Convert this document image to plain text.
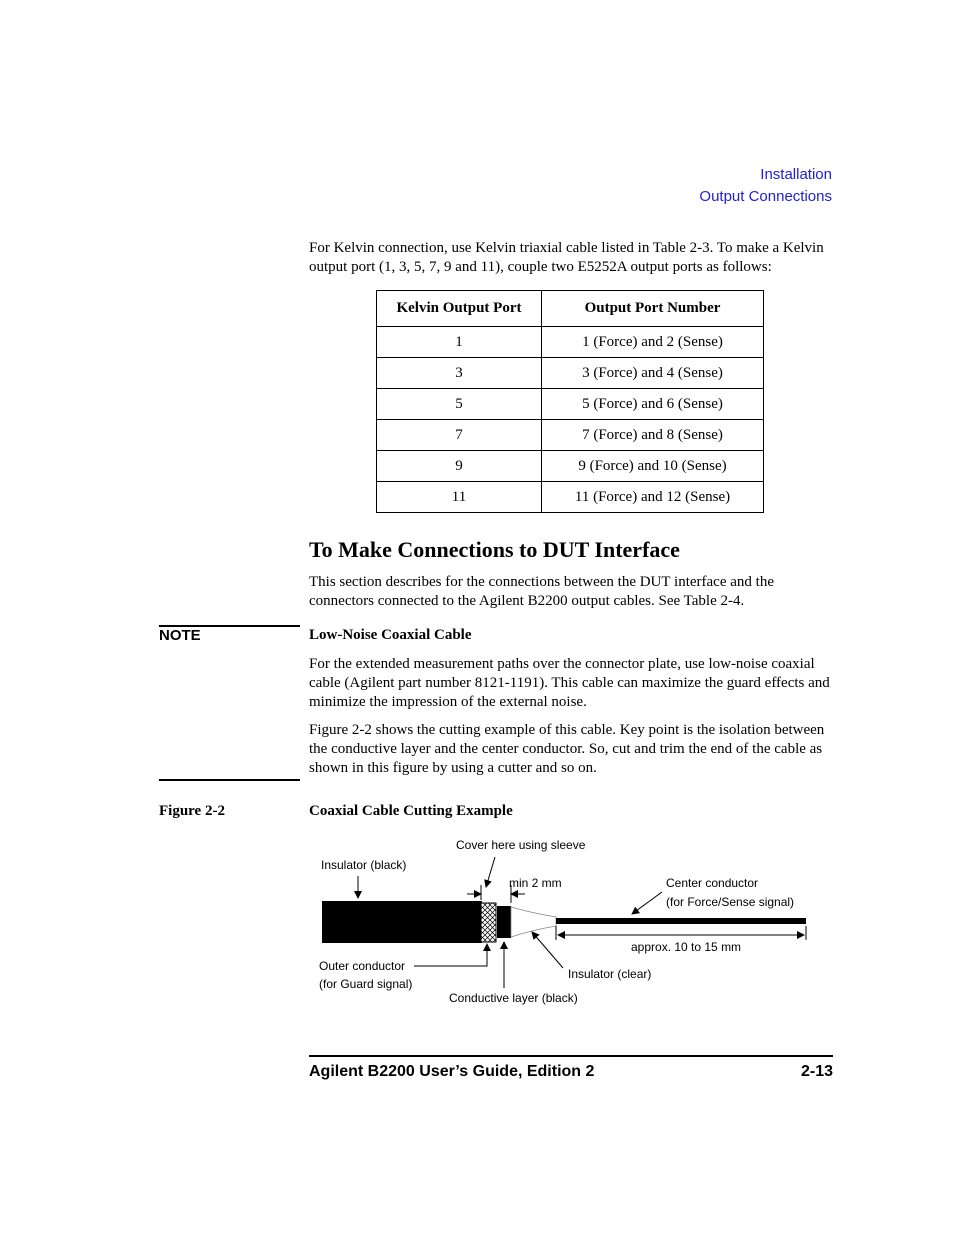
Installation
Output Connections

For Kelvin connection, use Kelvin triaxial cable listed in Table 2-3. To make a Kelvin output port (1, 3, 5, 7, 9 and 11), couple two E5252A output ports as follows:

Kelvin Output Port	Output Port Number
1	1 (Force) and 2 (Sense)
3	3 (Force) and 4 (Sense)
5	5 (Force) and 6 (Sense)
7	7 (Force) and 8 (Sense)
9	9 (Force) and 10 (Sense)
11	11 (Force) and 12 (Sense)
To Make Connections to DUT Interface

This section describes for the connections between the DUT interface and the connectors connected to the Agilent B2200 output cables. See Table 2-4.

NOTE	Low-Noise Coaxial Cable

For the extended measurement paths over the connector plate, use low-noise coaxial cable (Agilent part number 8121-1191). This cable can maximize the guard effects and minimize the impression of the external noise.

Figure 2-2 shows the cutting example of this cable. Key point is the isolation between the conductive layer and the center conductor. So, cut and trim the end of the cable as shown in this figure by using a cutter and so on.

Figure 2-2	Coaxial Cable Cutting Example
Insulator (black)
Cover here using sleeve
min 2 mm	Center conductor
(for Force/Sense signal)
approx. 10 to 15 mm
Outer conductor
(for Guard signal)
Conductive layer (black)
Insulator (clear)
Agilent B2200 User’s Guide, Edition 2	2-13
